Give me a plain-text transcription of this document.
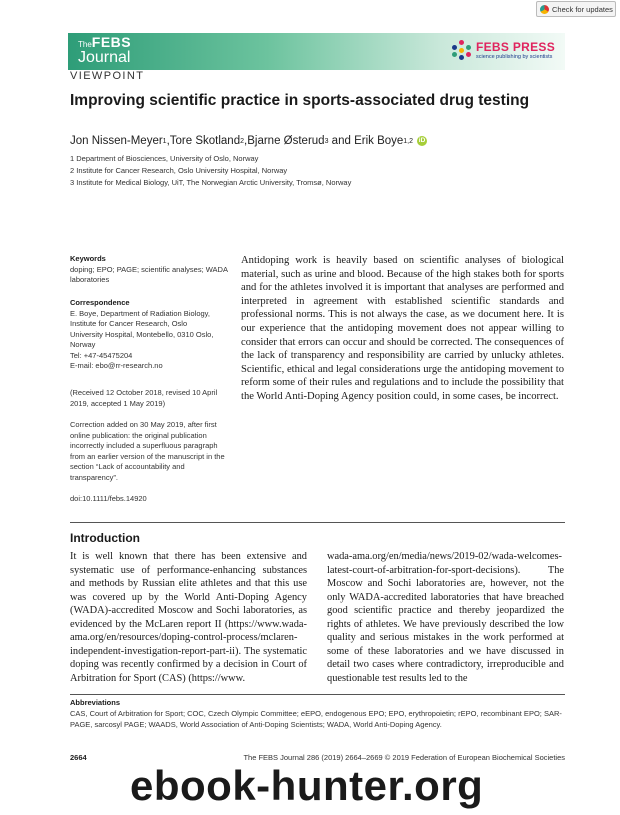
Check for updates
TheFEBS
Journal
FEBS PRESS
science publishing by scientists
VIEWPOINT
Improving scientific practice in sports-associated drug testing
Jon Nissen-Meyer 1 , Tore Skotland 2 , Bjarne Østerud 3 and Erik Boye 1,2 iD
1 Department of Biosciences, University of Oslo, Norway
2 Institute for Cancer Research, Oslo University Hospital, Norway
3 Institute for Medical Biology, UiT, The Norwegian Arctic University, Tromsø, Norway
Keywords

doping; EPO; PAGE; scientific analyses; WADA laboratories

Correspondence

E. Boye, Department of Radiation Biology,

Institute for Cancer Research, Oslo

University Hospital, Montebello, 0310 Oslo,

Norway

Tel: +47-45475204

E-mail: ebo@rr-research.no

(Received 12 October 2018, revised 10 April 2019, accepted 1 May 2019)
Correction added on 30 May 2019, after first online publication: the original publication incorrectly included a superfluous paragraph from an earlier version of the manuscript in the section “Lack of accountability and transparency”.
doi:10.1111/febs.14920

Antidoping work is heavily based on scientific analyses of biological material, such as urine and blood. Because of the high stakes both for sports and for the athletes involved it is important that analyses are performed and interpreted in agreement with established scientific standards and professional norms. This is not always the case, as we document here. It is our experience that the antidoping movement does not appear willing to consider that errors can occur and should be corrected. The consequences of the lack of transparency and responsibility are carried by unlucky athletes. Scientific, ethical and legal considerations urge the antidoping movement to reform some of their rules and regulations and to include the possibility that the World Anti-Doping Agency position could, in some cases, be incorrect.

Introduction

It is well known that there has been extensive and systematic use of performance-enhancing substances and methods by Russian elite athletes and that this use was covered up by the World Anti-Doping Agency (WADA)-accredited Moscow and Sochi laboratories, as evidenced by the McLaren report II (https://www.wada-ama.org/en/resources/doping-control-process/mclaren-independent-investigation-report-part-ii). The systematic doping was recently confirmed by a decision in Court of Arbitration for Sport (CAS) (https://www.

wada-ama.org/en/media/news/2019-02/wada-welcomes-latest-court-of-arbitration-for-sport-decisions). The Moscow and Sochi laboratories are, however, not the only WADA-accredited laboratories that have breached good scientific practice and thereby jeopardized the rights of athletes. We have previously described the low quality and serious mistakes in the work performed at some of these laboratories and we have discussed in detail two cases where contradictory, irreproducible and questionable test results led to the

Abbreviations

CAS, Court of Arbitration for Sport; COC, Czech Olympic Committee; eEPO, endogenous EPO; EPO, erythropoietin; rEPO, recombinant EPO; SAR-PAGE, sarcosyl PAGE; WAADS, World Association of Anti-Doping Scientists; WADA, World Anti-Doping Agency.

2664	The FEBS Journal 286 (2019) 2664–2669 © 2019 Federation of European Biochemical Societies
ebook-hunter.org
